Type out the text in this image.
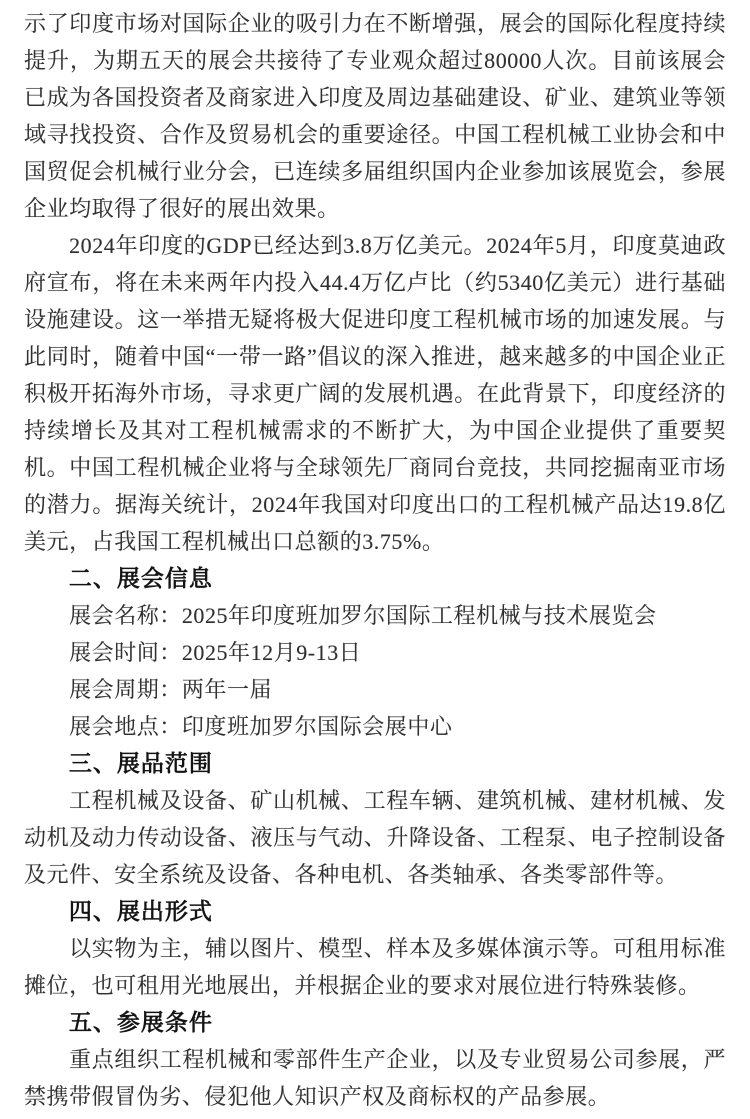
示了印度市场对国际企业的吸引力在不断增强，展会的国际化程度持续提升，为期五天的展会共接待了专业观众超过80000人次。目前该展会已成为各国投资者及商家进入印度及周边基础建设、矿业、建筑业等领域寻找投资、合作及贸易机会的重要途径。中国工程机械工业协会和中国贸促会机械行业分会，已连续多届组织国内企业参加该展览会，参展企业均取得了很好的展出效果。
2024年印度的GDP已经达到3.8万亿美元。2024年5月，印度莫迪政府宣布，将在未来两年内投入44.4万亿卢比（约5340亿美元）进行基础设施建设。这一举措无疑将极大促进印度工程机械市场的加速发展。与此同时，随着中国“一带一路”倡议的深入推进，越来越多的中国企业正积极开拓海外市场，寻求更广阔的发展机遇。在此背景下，印度经济的持续增长及其对工程机械需求的不断扩大，为中国企业提供了重要契机。中国工程机械企业将与全球领先厂商同台竞技，共同挖掘南亚市场的潜力。据海关统计，2024年我国对印度出口的工程机械产品达19.8亿美元，占我国工程机械出口总额的3.75%。
二、展会信息
展会名称：2025年印度班加罗尔国际工程机械与技术展览会
展会时间：2025年12月9-13日
展会周期：两年一届
展会地点：印度班加罗尔国际会展中心
三、展品范围
工程机械及设备、矿山机械、工程车辆、建筑机械、建材机械、发动机及动力传动设备、液压与气动、升降设备、工程泵、电子控制设备及元件、安全系统及设备、各种电机、各类轴承、各类零部件等。
四、展出形式
以实物为主，辅以图片、模型、样本及多媒体演示等。可租用标准摊位，也可租用光地展出，并根据企业的要求对展位进行特殊装修。
五、参展条件
重点组织工程机械和零部件生产企业，以及专业贸易公司参展，严禁携带假冒伪劣、侵犯他人知识产权及商标权的产品参展。
